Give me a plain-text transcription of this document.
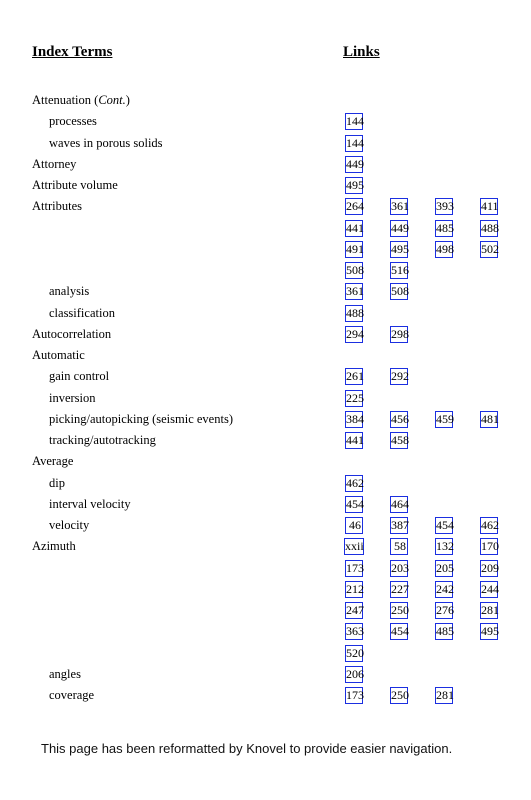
Index Terms	Links
Attenuation (Cont.)
processes	144
waves in porous solids	144
Attorney	449
Attribute volume	495
Attributes	264 361 393 411
441 449 485 488
491 495 498 502
508 516
analysis	361 508
classification	488
Autocorrelation	294 298
Automatic
gain control	261 292
inversion	225
picking/autopicking (seismic events)	384 456 459 481
tracking/autotracking	441 458
Average
dip	462
interval velocity	454 464
velocity	46	387 454 462
Azimuth	xxii	58	132 170
173 203 205 209
212 227 242 244
247 250 276 281
363 454 485 495
520
angles	206
coverage	173 250 281
This page has been reformatted by Knovel to provide easier navigation.
